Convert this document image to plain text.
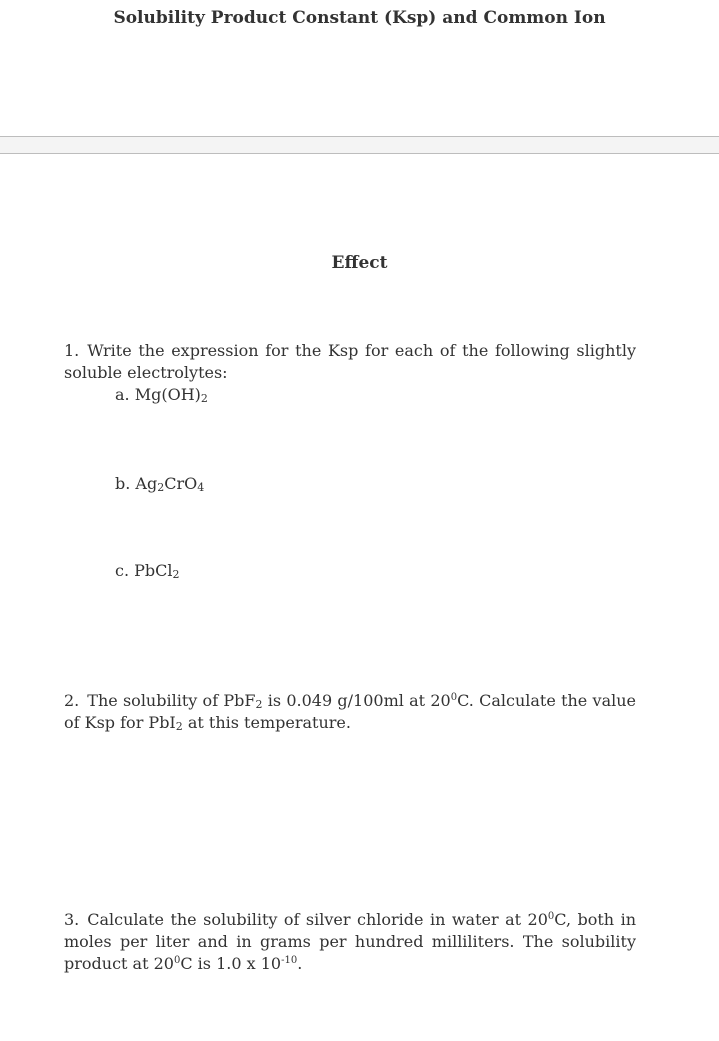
Solubility Product Constant (Ksp) and Common Ion
Effect
1. Write the expression for the Ksp for each of the following slightly soluble electrolytes:
a. $Mg(OH)_2$
b. $Ag_2CrO_4$
c. PbCl$_2$
2. The solubility of PbF$_2$ is 0.049 g/100ml at $20^0C$. Calculate the value of Ksp for PbI$_2$ at this temperature.
3. Calculate the solubility of silver chloride in water at $20^0C$, both in moles per liter and in grams per hundred milliliters. The solubility product at $20^0C$ is 1.0 x $10^{-10}$.
